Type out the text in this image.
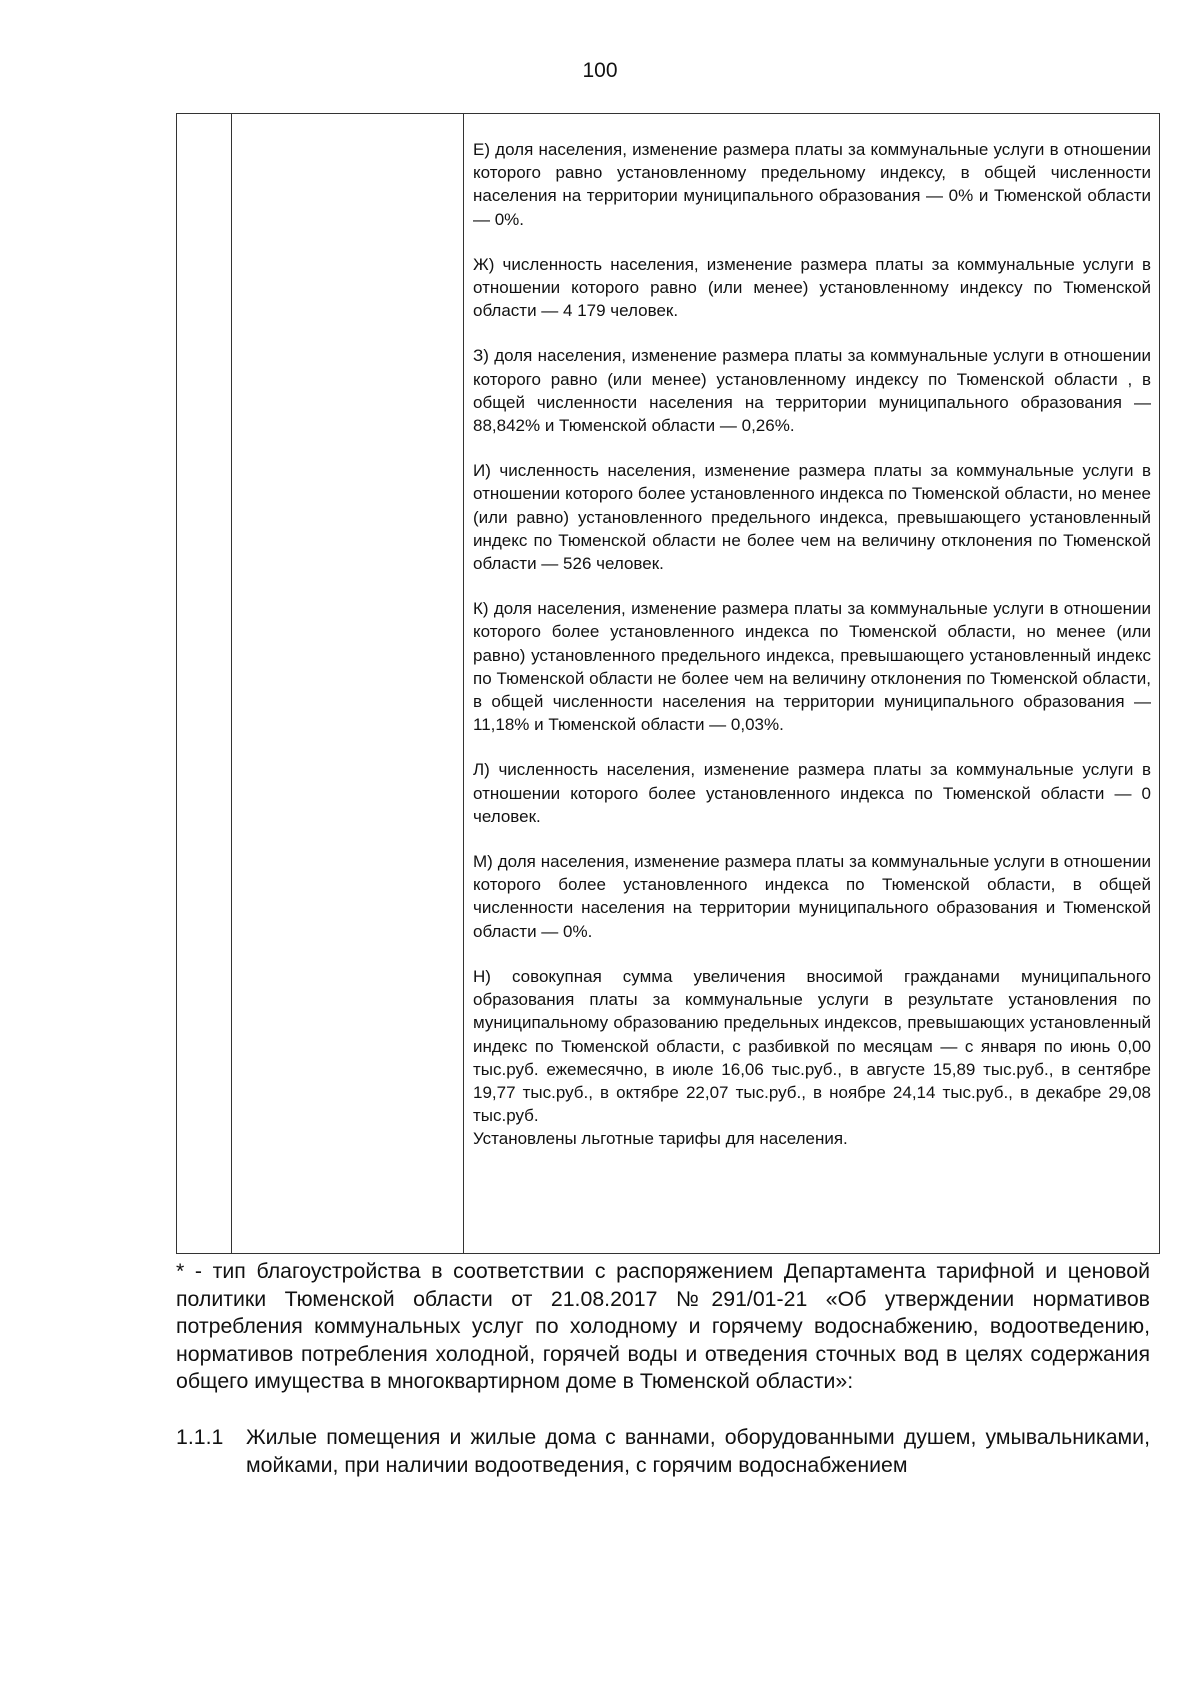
100

Е) доля населения, изменение размера платы за коммунальные услуги в отношении которого равно установленному предельному индексу, в общей численности населения на территории муниципального образования — 0% и Тюменской области — 0%.

Ж) численность населения, изменение размера платы за коммунальные услуги в отношении которого равно (или менее) установленному индексу по Тюменской области — 4 179 человек.

З) доля населения, изменение размера платы за коммунальные услуги в отношении которого равно (или менее) установленному индексу по Тюменской области , в общей численности населения на территории муниципального образования — 88,842% и Тюменской области — 0,26%.

И) численность населения, изменение размера платы за коммунальные услуги в отношении которого более установленного индекса по Тюменской области, но менее (или равно) установленного предельного индекса, превышающего установленный индекс по Тюменской области не более чем на величину отклонения по Тюменской области — 526 человек.

К) доля населения, изменение размера платы за коммунальные услуги в отношении которого более установленного индекса по Тюменской области, но менее (или равно) установленного предельного индекса, превышающего установленный индекс по Тюменской области не более чем на величину отклонения по Тюменской области, в общей численности населения на территории муниципального образования — 11,18% и Тюменской области — 0,03%.

Л) численность населения, изменение размера платы за коммунальные услуги в отношении которого более установленного индекса по Тюменской области — 0 человек.

М) доля населения, изменение размера платы за коммунальные услуги в отношении которого более установленного индекса по Тюменской области, в общей численности населения на территории муниципального образования и Тюменской области — 0%.

Н) совокупная сумма увеличения вносимой гражданами муниципального образования платы за коммунальные услуги в результате установления по муниципальному образованию предельных индексов, превышающих установленный индекс по Тюменской области, с разбивкой по месяцам — с января по июнь 0,00 тыс.руб. ежемесячно, в июле 16,06 тыс.руб., в августе 15,89 тыс.руб., в сентябре 19,77 тыс.руб., в октябре 22,07 тыс.руб., в ноябре 24,14 тыс.руб., в декабре 29,08 тыс.руб.

Установлены льготные тарифы для населения.

* - тип благоустройства в соответствии с распоряжением Департамента тарифной и ценовой политики Тюменской области от 21.08.2017 №291/01-21 «Об утверждении нормативов потребления коммунальных услуг по холодному и горячему водоснабжению, водоотведению, нормативов потребления холодной, горячей воды и отведения сточных вод в целях содержания общего имущества в многоквартирном доме в Тюменской области»:

1.1.1 Жилые помещения и жилые дома с ваннами, оборудованными душем, умывальниками, мойками, при наличии водоотведения, с горячим водоснабжением
